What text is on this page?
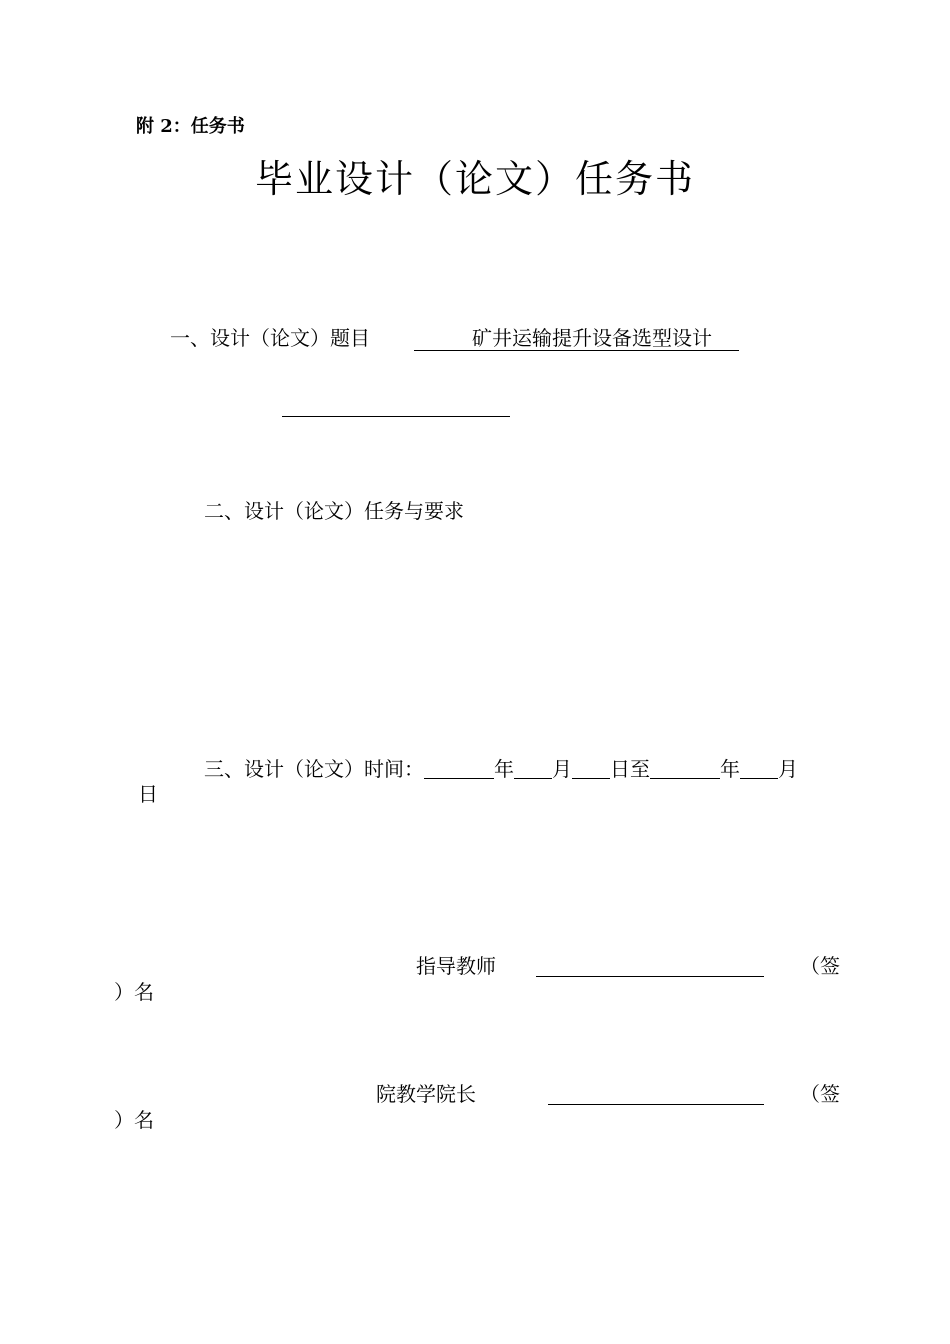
附 2：任务书
毕业设计（论文）任务书
一、设计（论文）题目	矿井运输提升设备选型设计
二、设计（论文）任务与要求
三、设计（论文）时间：	年 月 日至	年 月
日
指导教师	（签
）名
院教学院长	（签
）名
